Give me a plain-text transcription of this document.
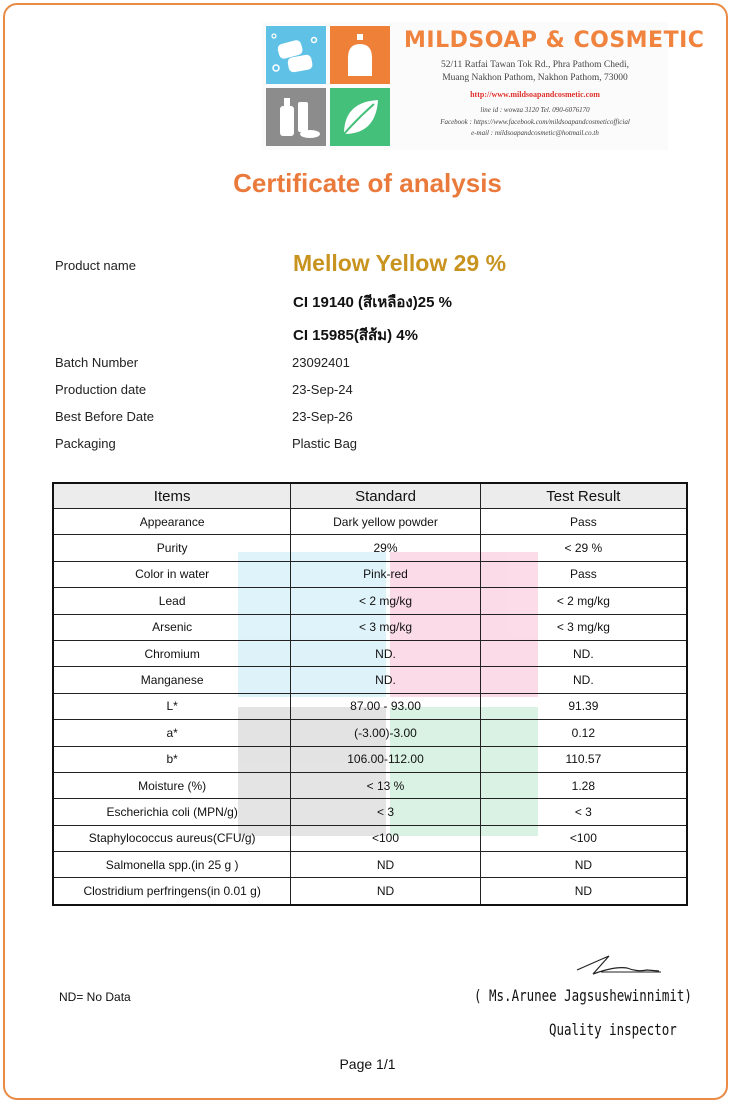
MILDSOAP & COSMETIC
52/11 Ratfai Tawan Tok Rd., Phra Pathom Chedi,
Muang Nakhon Pathom, Nakhon Pathom, 73000
http://www.mildsoapandcosmetic.com
line id : wowza 3120 Tel. 090-6076170
Facebook : https://www.facebook.com/mildsoapandcosmeticofficial
e-mail : mildsoapandcosmetic@hotmail.co.th
Certificate of analysis
Product name	Mellow Yellow 29 %
CI 19140 (สีเหลือง)25 %
CI 15985(สีส้ม) 4%
Batch Number	23092401
Production date	23-Sep-24
Best Before Date	23-Sep-26
Packaging	Plastic Bag
Items	Standard	Test Result
Appearance	Dark yellow powder	Pass
Purity	29%	< 29 %
Color in water	Pink-red	Pass
Lead	< 2 mg/kg	< 2 mg/kg
Arsenic	< 3 mg/kg	< 3 mg/kg
Chromium	ND.	ND.
Manganese	ND.	ND.
L*	87.00 - 93.00	91.39
a*	(-3.00)-3.00	0.12
b*	106.00-112.00	110.57
Moisture (%)	< 13 %	1.28
Escherichia coli (MPN/g)	< 3	< 3
Staphylococcus aureus(CFU/g)	<100	<100
Salmonella spp.(in 25 g )	ND	ND
Clostridium perfringens(in 0.01 g)	ND	ND
ND= No Data	( Ms.Arunee Jagsushewinnimit)
Quality inspector
Page 1/1
